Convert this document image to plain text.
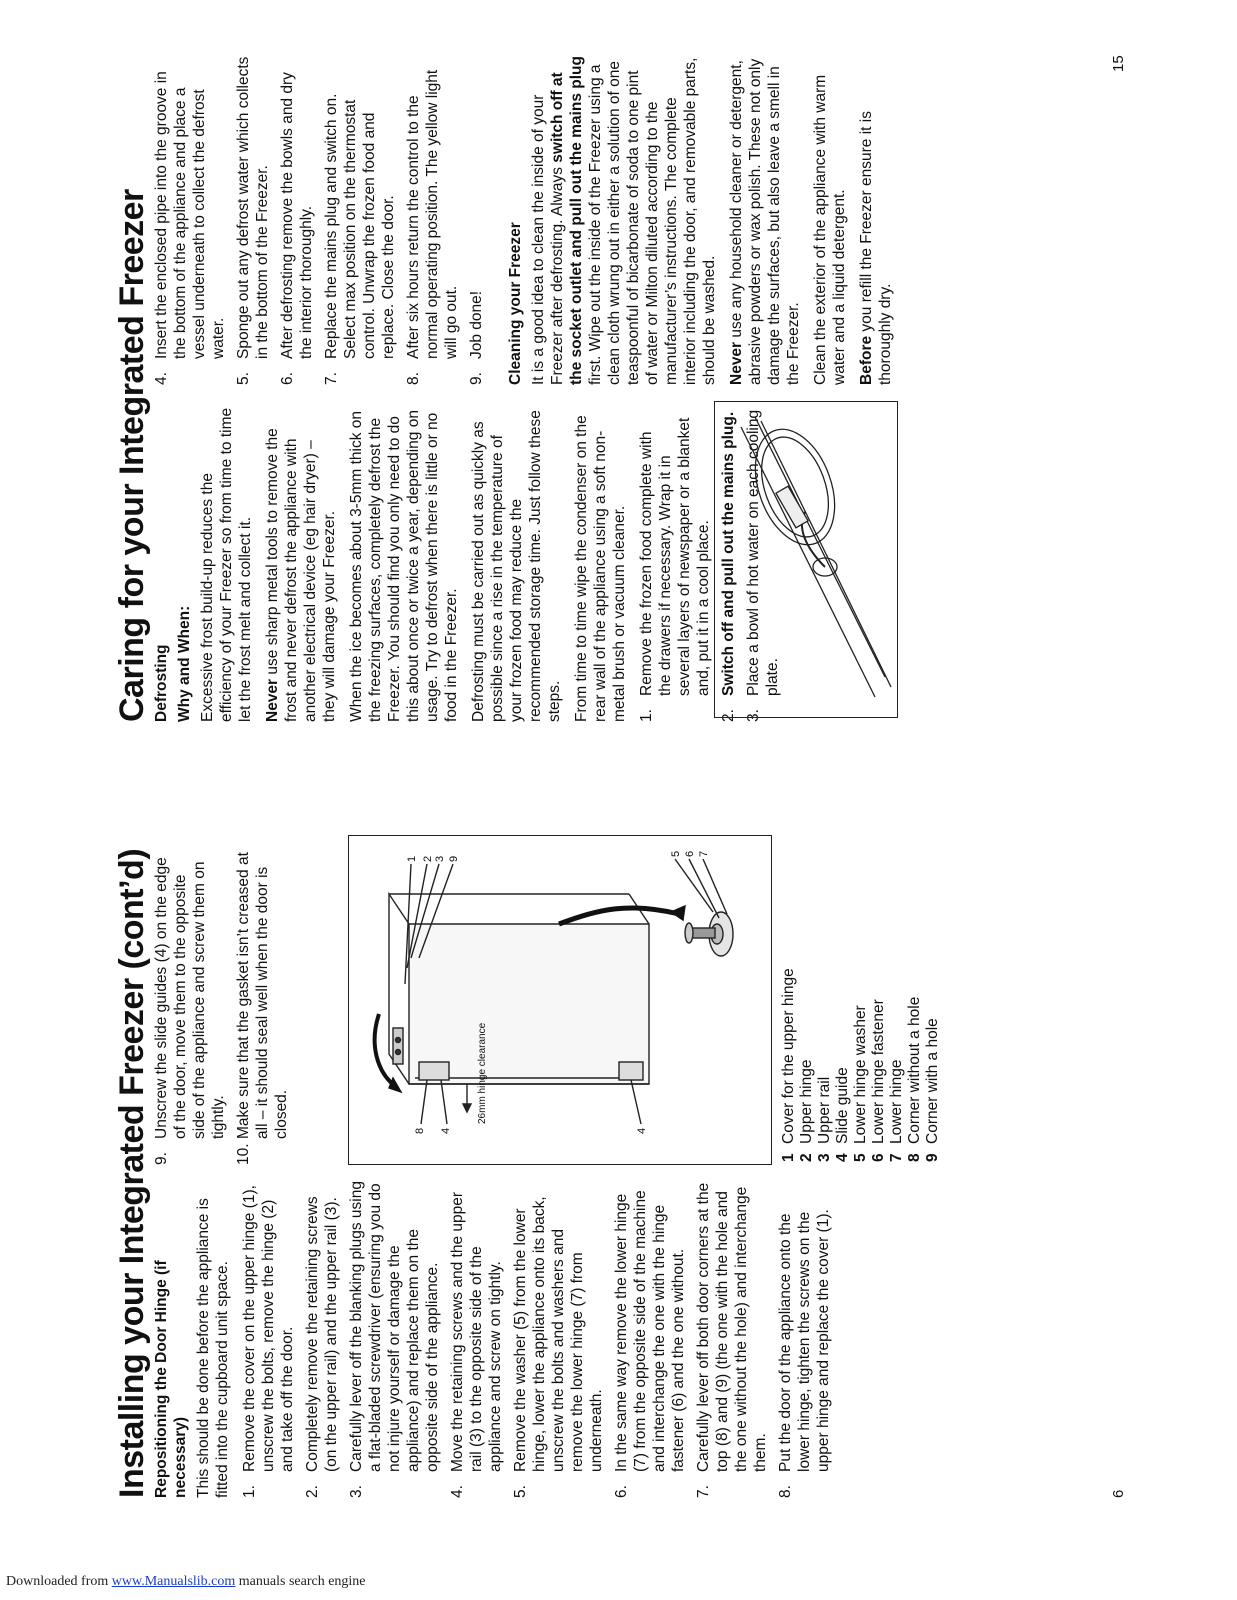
Installing your Integrated Freezer (cont’d) Repositioning the Door Hinge (if necessary) This should be done before the appliance is fitted into the cupboard unit space. 1.
Remove the cover on the upper hinge (1), unscrew the bolts, remove the hinge (2) and take off the door.
2.
Completely remove the retaining screws (on the upper rail) and the upper rail (3).
3.
Carefully lever off the blanking plugs using a flat-bladed screwdriver (ensuring you do not injure yourself or damage the appliance) and replace them on the opposite side of the appliance.
4.
Move the retaining screws and the upper rail (3) to the opposite side of the appliance and screw on tightly.
5.
Remove the washer (5) from the lower hinge, lower the appliance onto its back, unscrew the bolts and washers and remove the lower hinge (7) from underneath.
6.
In the same way remove the lower hinge (7) from the opposite side of the machine and interchange the one with the hinge fastener (6) and the one without.
7.
Carefully lever off both door corners at the top (8) and (9) (the one with the hole and the one without the hole) and interchange them.
8.
Put the door of the appliance onto the lower hinge, tighten the screws on the upper hinge and replace the cover (1).
9.
Unscrew the slide guides (4) on the edge of the door, move them to the opposite side of the appliance and screw them on tightly.
10.
Make sure that the gasket isn’t creased at all – it should seal well when the door is closed.
1 2 3 9
8 4	4
5 6 7
26mm hinge clearance
1Cover for the upper hinge
2Upper hinge
3Upper rail
4Slide guide
5Lower hinge washer
6Lower hinge fastener
7Lower hinge
8Corner without a hole
9Corner with a hole
6
Caring for your Integrated Freezer Defrosting Why and When: Excessive frost build-up reduces the efficiency of your Freezer so from time to time let the frost melt and collect it. Never use sharp metal tools to remove the frost and never defrost the appliance with another electrical device (eg hair dryer) – they will damage your Freezer. When the ice becomes about 3-5mm thick on the freezing surfaces, completely defrost the Freezer. You should find you only need to do this about once or twice a year, depending on usage. Try to defrost when there is little or no food in the Freezer. Defrosting must be carried out as quickly as possible since a rise in the temperature of your frozen food may reduce the recommended storage time. Just follow these steps. From time to time wipe the condenser on the rear wall of the appliance using a soft non-metal brush or vacuum cleaner. 1.
Remove the frozen food complete with the drawers if necessary. Wrap it in several layers of newspaper or a blanket and, put it in a cool place.
2.
Switch off and pull out the mains plug.
3.
Place a bowl of hot water on each cooling plate.
4.
Insert the enclosed pipe into the groove in the bottom of the appliance and place a vessel underneath to collect the defrost water.
5.
Sponge out any defrost water which collects in the bottom of the Freezer.
6.
After defrosting remove the bowls and dry the interior thoroughly.
7.
Replace the mains plug and switch on. Select max position on the thermostat control. Unwrap the frozen food and replace. Close the door.
8.
After six hours return the control to the normal operating position. The yellow light will go out.
9.
Job done! Cleaning your Freezer It is a good idea to clean the inside of your Freezer after defrosting. Always switch off at the socket outlet and pull out the mains plug first. Wipe out the inside of the Freezer using a clean cloth wrung out in either a solution of one teaspoonful of bicarbonate of soda to one pint of water or Milton diluted according to the manufacturer’s instructions. The complete interior including the door, and removable parts, should be washed. Never use any household cleaner or detergent, abrasive powders or wax polish. These not only damage the surfaces, but also leave a smell in the Freezer. Clean the exterior of the appliance with warm water and a liquid detergent. Before you refill the Freezer ensure it is thoroughly dry.
15
Downloaded from www.Manualslib.com manuals search engine
